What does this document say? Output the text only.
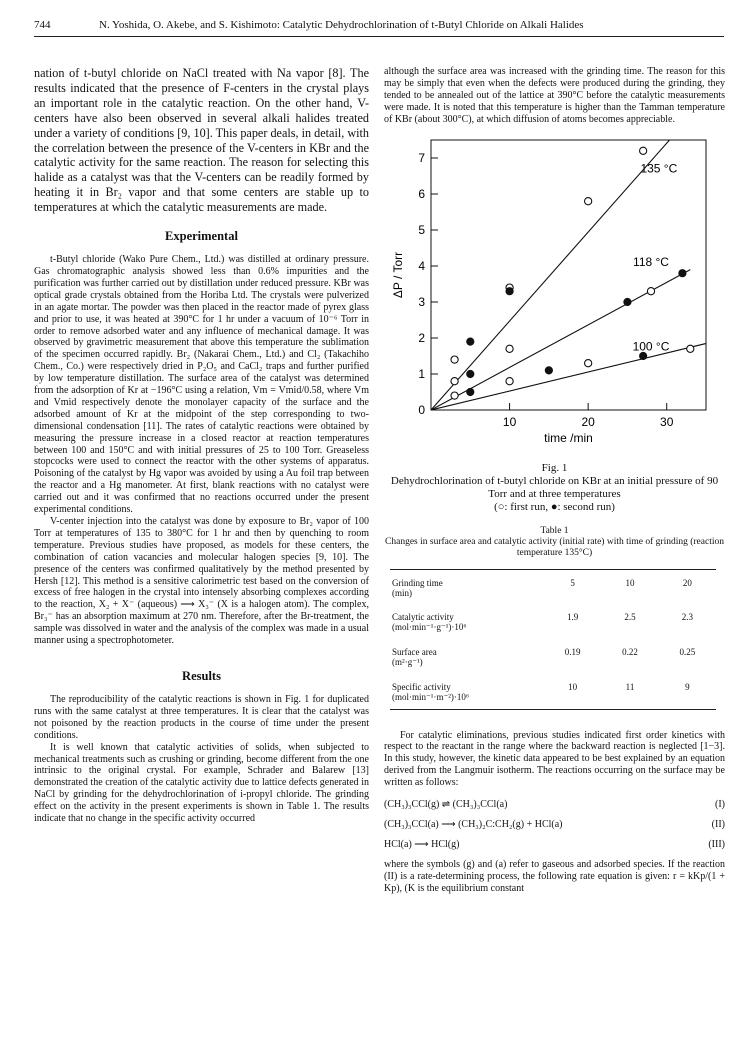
744	N. Yoshida, O. Akebe, and S. Kishimoto: Catalytic Dehydrochlorination of t-Butyl Chloride on Alkali Halides

nation of t-butyl chloride on NaCl treated with Na vapor [8]. The results indicated that the presence of F-centers in the crystal plays an important role in the catalytic reaction. On the other hand, V-centers have also been observed in several alkali halides treated under a variety of conditions [9, 10]. This paper deals, in detail, with the correlation between the presence of the V-centers in KBr and the catalytic activity for the same reaction. The reason for selecting this halide as a catalyst was that the V-centers can be readily formed by heating it in Br₂ vapor and that some centers are stable up to temperatures at which the catalytic measurements are made.

Experimental

t-Butyl chloride (Wako Pure Chem., Ltd.) was distilled at ordinary pressure. Gas chromatographic analysis showed less than 0.6% impurities and the purification was further carried out by distillation under reduced pressure. KBr was optical grade crystals obtained from the Horiba Ltd. The crystals were pulverized in an agate mortar. The powder was then placed in the reactor made of pyrex glass and prior to use, it was heated at 390°C for 1 hr under a vacuum of 10⁻⁶ Torr in order to remove adsorbed water and any influence of mechanical damage. It was observed by gravimetric measurement that above this temperature the sublimation of the specimen occurred rapidly. Br₂ (Nakarai Chem., Ltd.) and Cl₂ (Takachiho Chem., Co.) were respectively dried in P₂O₅ and CaCl₂ traps and further purified by low temperature distillation. The surface area of the catalyst was determined from the adsorption of Kr at −196°C using a relation, Vm = Vmid/0.58, where Vm and Vmid respectively denote the monolayer capacity of the surface and the adsorbed amount of Kr at the midpoint of the step corresponding to two-dimensional condensation [11]. The rates of catalytic reactions were obtained by measuring the pressure increase in a closed reactor at reaction temperatures between 100 and 150°C and with initial pressures of 25 to 100 Torr. Greaseless stopcocks were used to connect the reactor with the other systems of apparatus. Poisoning of the catalyst by Hg vapor was avoided by using a Au foil trap between the reactor and a Hg manometer. At first, blank reactions with no catalyst were carried out and it was confirmed that no reactions occurred under the present experimental conditions.

V-center injection into the catalyst was done by exposure to Br₂ vapor of 100 Torr at temperatures of 135 to 380°C for 1 hr and then by quenching to room temperature. Previous studies have proposed, as models for these centers, the combination of cation vacancies and molecular halogen species [9, 10]. The presence of the centers was confirmed qualitatively by the method presented by Hersh [12]. This method is a sensitive calorimetric test based on the conversion of excess of free halogen in the crystal into intensely absorbing complexes according to the reaction, X₂ + X⁻ (aqueous) ⟶ X₃⁻ (X is a halogen atom). The complex, Br₃⁻ has an absorption maximum at 270 nm. Therefore, after the Br-treatment, the sample was dissolved in water and the analysis of the complex was made in a usual manner using a spectrophotometer.

Results

The reproducibility of the catalytic reactions is shown in Fig. 1 for duplicated runs with the same catalyst at three temperatures. It is clear that the catalyst was not poisoned by the reaction products in the course of time under the present conditions.

It is well known that catalytic activities of solids, when subjected to mechanical treatments such as crushing or grinding, become different from the one intrinsic to the original crystal. For example, Schrader and Balarew [13] demonstrated the creation of the catalytic activity due to lattice defects generated in NaCl by grinding for the dehydrochlorination of i-propyl chloride. The grinding effect on the activity in the present experiments is shown in Table 1. The results indicate that no change in the specific activity occurred

although the surface area was increased with the grinding time. The reason for this may be simply that even when the defects were produced during the grinding, they tended to be annealed out of the lattice at 390°C before the catalytic measurements were made. It is noted that this temperature is higher than the Tamman temperature of KBr (about 300°C), at which diffusion of atoms becomes appreciable.

0
1
2
3
4
5
6
7
10	20	30
time /min
ΔP / Torr
135 °C
118 °C
100 °C
Fig. 1
Dehydrochlorination of t-butyl chloride on KBr at an initial pressure of 90 Torr and at three temperatures
(○: first run, ●: second run)
Table 1
Changes in surface area and catalytic activity (initial rate) with time of grinding (reaction temperature 135°C)
Grinding time
(min)	5	10	20

Catalytic activity
(mol·min⁻¹·g⁻¹)·10⁶	1.9	2.5	2.3

Surface area
(m²·g⁻¹)	0.19	0.22	0.25

Specific activity
(mol·min⁻¹·m⁻²)·10⁶	10	11	9

For catalytic eliminations, previous studies indicated first order kinetics with respect to the reactant in the range where the backward reaction is neglected [1−3]. In this study, however, the kinetic data appeared to be best explained by an equation derived from the Langmuir isotherm. The reactions occurring on the surface may be written as follows:

(CH₃)₃CCl(g) ⇌ (CH₃)₃CCl(a)	(I)
(CH₃)₃CCl(a) ⟶ (CH₃)₂C:CH₂(g) + HCl(a)	(II)
HCl(a) ⟶ HCl(g)	(III)

where the symbols (g) and (a) refer to gaseous and adsorbed species. If the reaction (II) is a rate-determining process, the following rate equation is given: r = kKp/(1 + Kp), (K is the equilibrium constant
